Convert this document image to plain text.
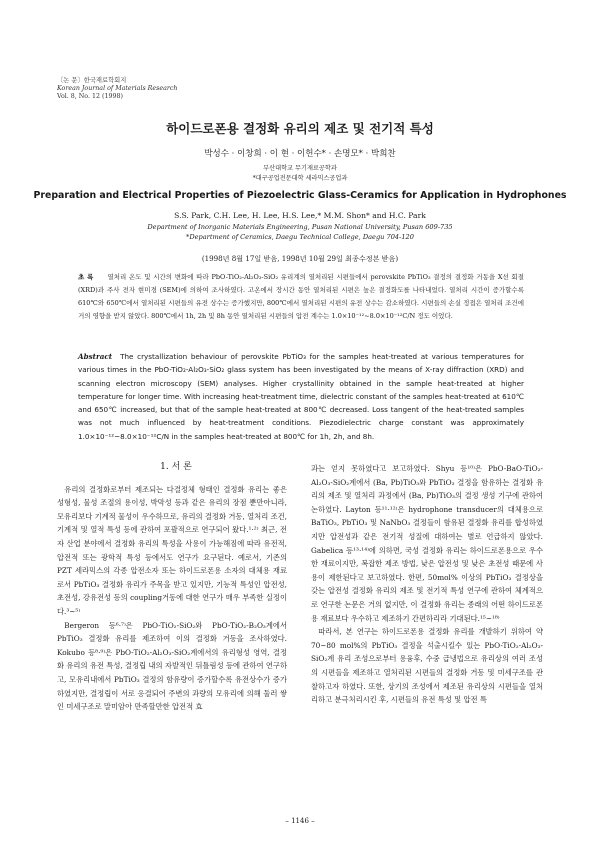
〔논 문〕한국재료학회지
Korean Journal of Materials Research
Vol. 8, No. 12 (1998)
하이드로폰용 결정화 유리의 제조 및 전기적 특성
박성수 · 이창희 · 이 현 · 이헌수* · 손명모* · 박희찬
부산대학교 무기재료공학과
*대구공업전문대학 세라믹스공업과
Preparation and Electrical Properties of Piezoelectric Glass-Ceramics for Application in Hydrophones
S.S. Park, C.H. Lee, H. Lee, H.S. Lee,* M.M. Shon* and H.C. Park
Department of Inorganic Materials Engineering, Pusan National University, Pusan 609-735
*Department of Ceramics, Daegu Technical College, Daegu 704-120
(1998년 8월 17일 받음, 1998년 10월 29일 최종수정본 받음)
초 록 열처리 온도 및 시간의 변화에 따라 PbO-TiO₂-Al₂O₃-SiO₂ 유리계의 열처리된 시편들에서 perovskite PbTiO₃ 결정의 결정화 거동을 X선 회절 (XRD)과 주사 전자 현미경 (SEM)에 의하여 조사하였다. 고온에서 장시간 동안 열처리된 시편은 높은 결정화도를 나타내었다. 열처리 시간이 증가할수록 610℃와 650℃에서 열처리된 시편들의 유전 상수는 증가했지만, 800℃에서 열처리된 시편의 유전 상수는 감소하였다. 시편들의 손실 정접은 열처리 조건에 거의 영향을 받지 않았다. 800℃에서 1h, 2h 및 8h 동안 열처리된 시편들의 압전 계수는 1.0×10⁻¹²~8.0×10⁻¹²C/N 정도 이었다.
Abstract The crystallization behaviour of perovskite PbTiO₃ for the samples heat-treated at various temperatures for various times in the PbO-TiO₂-Al₂O₃-SiO₂ glass system has been investigated by the means of X-ray diffraction (XRD) and scanning electron microscopy (SEM) analyses. Higher crystallinity obtained in the sample heat-treated at higher temperature for longer time. With increasing heat-treatment time, dielectric constant of the samples heat-treated at 610℃ and 650℃ increased, but that of the sample heat-treated at 800℃ decreased. Loss tangent of the heat-treated samples was not much influenced by heat-treatment conditions. Piezodielectric charge constant was approximately 1.0×10⁻¹²~8.0×10⁻¹²C/N in the samples heat-treated at 800℃ for 1h, 2h, and 8h.
1. 서 론

유리의 결정화로부터 제조되는 다결정체 형태인 결정화 유리는 좋은 성형성, 물성 조절의 용이성, 박막성 등과 같은 유리의 장점 뿐만아니라, 모유리보다 기계적 물성이 우수하므로, 유리의 결정화 거동, 열처리 조건, 기계적 및 열적 특성 등에 관하여 포괄적으로 연구되어 왔다.¹·²⁾ 최근, 전자 산업 분야에서 결정화 유리의 특성을 사용이 가능해짐에 따라 유전적, 압전적 또는 광학적 특성 등에서도 연구가 요구된다. 예로서, 기존의 PZT 세라믹스의 각종 압전소자 또는 하이드로폰용 소자의 대체용 재료로서 PbTiO₃ 결정화 유리가 주목을 받고 있지만, 기능적 특성인 압전성, 초전성, 강유전성 등의 coupling거동에 대한 연구가 매우 부족한 실정이다.³~⁵⁾

Bergeron 등⁶·⁷⁾은 PbO-TiO₂-SiO₂와 PbO-TiO₂-B₂O₃계에서 PbTiO₃ 결정화 유리를 제조하여 이의 결정화 거동을 조사하였다. Kokubo 등⁸·⁹⁾은 PbO-TiO₂-Al₂O₃-SiO₂계에서의 유리형성 영역, 결정화 유리의 유전 특성, 결정립 내의 자발적인 뒤틀림성 등에 관하여 연구하고, 모유리내에서 PbTiO₃ 결정의 함유량이 증가할수록 유전상수가 증가하였지만, 결정립이 서로 응결되어 주변의 과량의 모유리에 의해 둘러 쌓인 미세구조로 말미암아 만족할만한 압전적 효

과는 얻지 못하였다고 보고하였다. Shyu 등¹⁰⁾은 PbO-BaO-TiO₂-Al₂O₃-SiO₂계에서 (Ba, Pb)TiO₃와 PbTiO₃ 결정을 함유하는 결정화 유리의 제조 및 열처리 과정에서 (Ba, Pb)TiO₃의 결정 생성 기구에 관하여 논하였다. Layton 등¹¹·¹²⁾은 hydrophone transducer의 대체용으로 BaTiO₃, PbTiO₃ 및 NaNbO₃ 결정들이 함유된 결정화 유리를 합성하였지만 압전성과 같은 전기적 성질에 대하여는 별로 언급하지 않았다. Gabelica 등¹³·¹⁴⁾에 의하면, 국성 결정화 유리는 하이드로폰용으로 우수한 재료이지만, 복잡한 제조 방법, 낮은 압전성 및 낮은 초전성 때문에 사용이 제한된다고 보고하였다. 한편, 50mol% 이상의 PbTiO₃ 결정상을 갖는 압전성 결정화 유리의 제조 및 전기적 특성 연구에 관하여 체계적으로 연구한 논문은 거의 없지만, 이 결정화 유리는 종래의 어떤 하이드로폰용 재료보다 우수하고 제조하기 간편하리라 기대된다.¹⁵~¹⁸⁾

따라서, 본 연구는 하이드로폰용 결정화 유리를 개발하기 위하여 약 70~80 mol%의 PbTiO₃ 결정을 석출시킬수 있는 PbO-TiO₂-Al₂O₃-SiO₂계 유리 조성으로부터 용융후, 수중 급냉법으로 유리상의 여러 조성의 시편들을 제조하고 열처리된 시편들의 결정화 거동 및 미세구조를 관찰하고자 하였다. 또한, 상기의 조성에서 제조된 유리상의 시편들을 열처리하고 분극처리시킨 후, 시편들의 유전 특성 및 압전 특

– 1146 –
